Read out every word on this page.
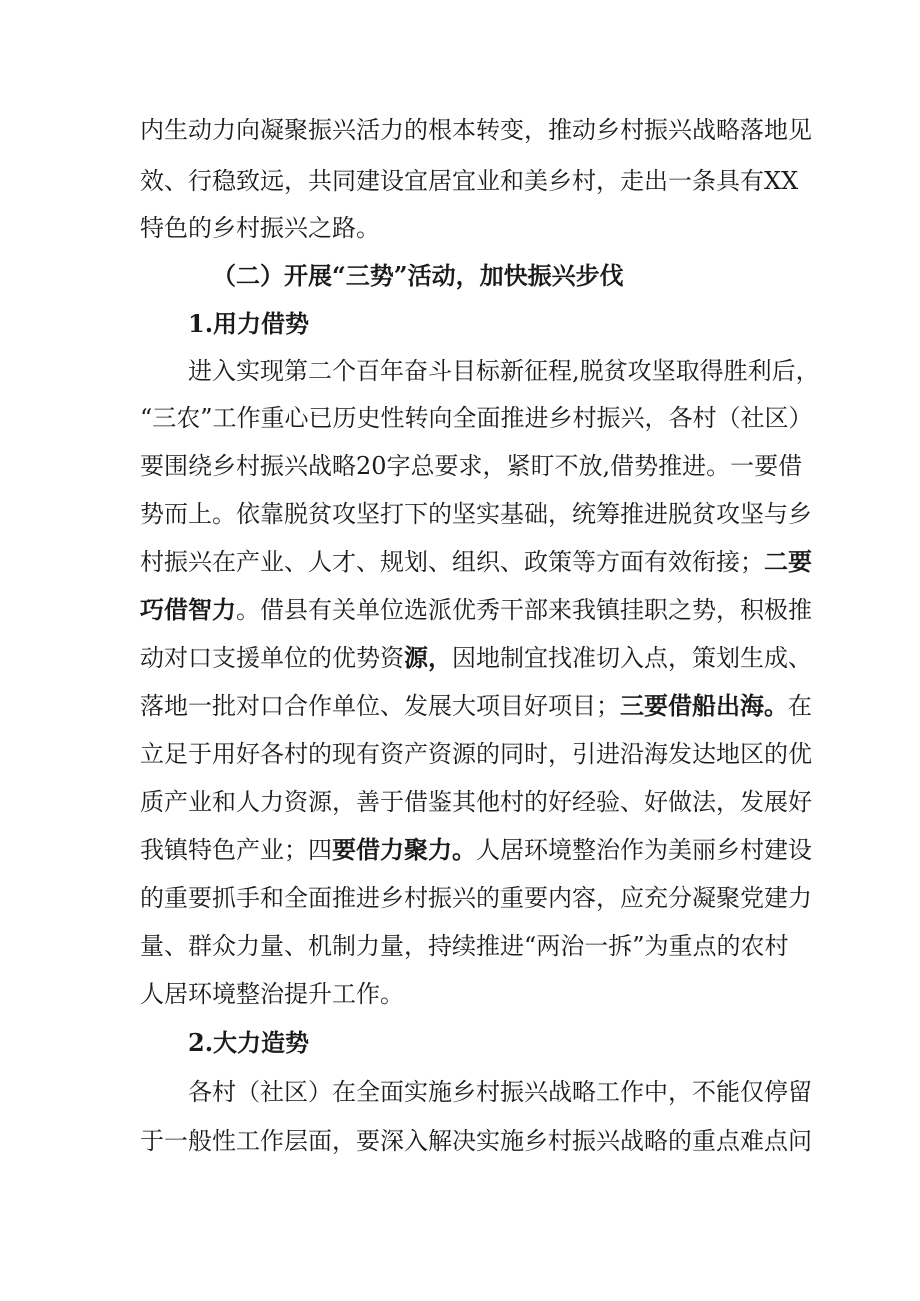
内生动力向凝聚振兴活力的根本转变，推动乡村振兴战略落地见
效、行稳致远，共同建设宜居宜业和美乡村，走出一条具有XX
特色的乡村振兴之路。
（二）开展“三势”活动，加快振兴步伐
1.用力借势
进入实现第二个百年奋斗目标新征程,脱贫攻坚取得胜利后，
“三农”工作重心已历史性转向全面推进乡村振兴，各村（社区）
要围绕乡村振兴战略20字总要求，紧盯不放,借势推进。一要借
势而上。依靠脱贫攻坚打下的坚实基础，统筹推进脱贫攻坚与乡
村振兴在产业、人才、规划、组织、政策等方面有效衔接；二要
巧借智力。借县有关单位选派优秀干部来我镇挂职之势，积极推
动对口支援单位的优势资源，因地制宜找准切入点，策划生成、
落地一批对口合作单位、发展大项目好项目；三要借船出海。在
立足于用好各村的现有资产资源的同时，引进沿海发达地区的优
质产业和人力资源，善于借鉴其他村的好经验、好做法，发展好
我镇特色产业；四要借力聚力。人居环境整治作为美丽乡村建设
的重要抓手和全面推进乡村振兴的重要内容，应充分凝聚党建力
量、群众力量、机制力量，持续推进“两治一拆”为重点的农村
人居环境整治提升工作。
2.大力造势
各村（社区）在全面实施乡村振兴战略工作中，不能仅停留
于一般性工作层面，要深入解决实施乡村振兴战略的重点难点问
